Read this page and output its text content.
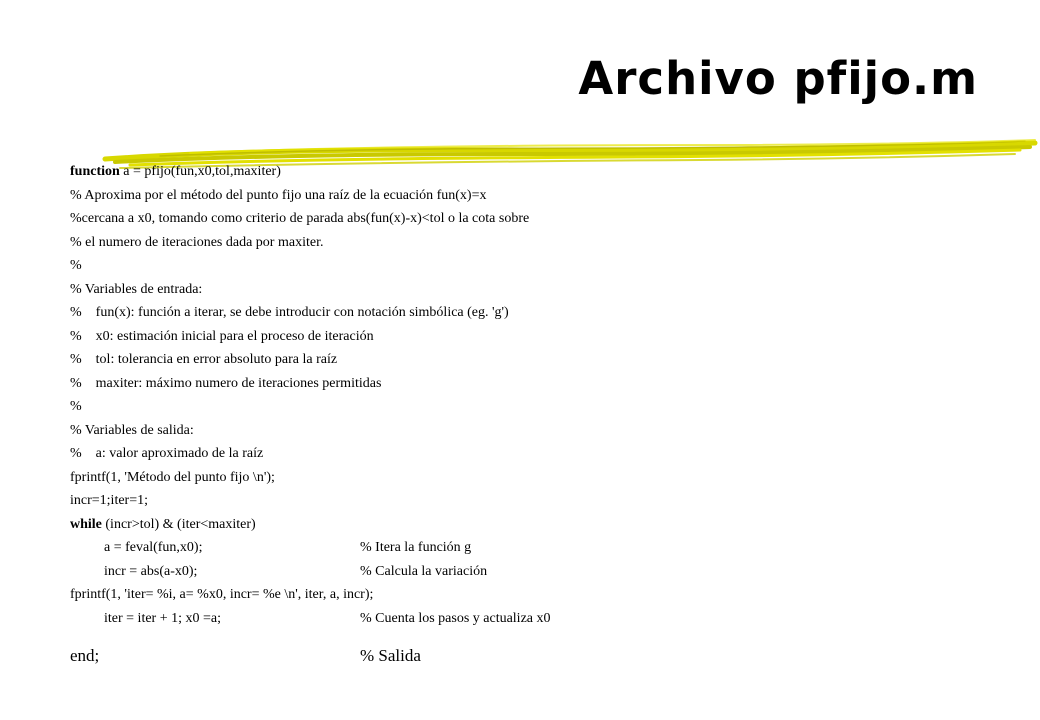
Archivo pfijo.m
function a = pfijo(fun,x0,tol,maxiter)
% Aproxima por el método del punto fijo una raíz de la ecuación fun(x)=x
%cercana a x0, tomando como criterio de parada abs(fun(x)-x)<tol o la cota sobre
% el numero de iteraciones dada por maxiter.
%
% Variables de entrada:
%    fun(x): función a iterar, se debe introducir con notación simbólica (eg. 'g')
%    x0: estimación inicial para el proceso de iteración
%    tol: tolerancia en error absoluto para la raíz
%    maxiter: máximo numero de iteraciones permitidas
%
% Variables de salida:
%    a: valor aproximado de la raíz
fprintf(1, 'Método del punto fijo \n');
incr=1;iter=1;
while (incr>tol) & (iter<maxiter)
a = feval(fun,x0);	% Itera la función g
incr = abs(a-x0);	% Calcula la variación
fprintf(1, 'iter= %i, a= %x0, incr= %e \n', iter, a, incr);
iter = iter + 1; x0 =a;	% Cuenta los pasos y actualiza x0
end;	% Salida
